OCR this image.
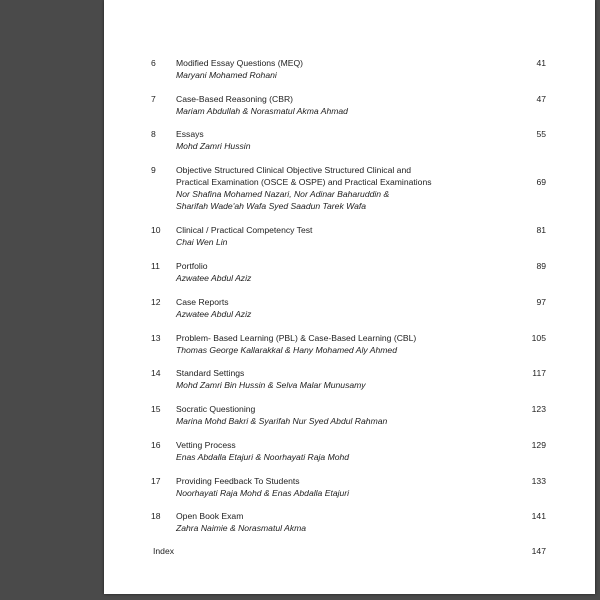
6 Modified Essay Questions (MEQ)
Maryani Mohamed Rohani
41
7 Case-Based Reasoning (CBR)
Mariam Abdullah & Norasmatul Akma Ahmad
47
8 Essays
Mohd Zamri Hussin
55
9 Objective Structured Clinical Objective Structured Clinical and
Practical Examination (OSCE & OSPE) and Practical Examinations
Nor Shafina Mohamed Nazari, Nor Adinar Baharuddin &
Sharifah Wade'ah Wafa Syed Saadun Tarek Wafa
69
10 Clinical / Practical Competency Test
Chai Wen Lin
81
11 Portfolio
Azwatee Abdul Aziz
89
12 Case Reports
Azwatee Abdul Aziz
97
13 Problem- Based Learning (PBL) & Case-Based Learning (CBL)
Thomas George Kallarakkal & Hany Mohamed Aly Ahmed
105
14 Standard Settings
Mohd Zamri Bin Hussin & Selva Malar Munusamy
117
15 Socratic Questioning
Marina Mohd Bakri & Syarifah Nur Syed Abdul Rahman
123
16 Vetting Process
Enas Abdalla Etajuri & Noorhayati Raja Mohd
129
17 Providing Feedback To Students
Noorhayati Raja Mohd & Enas Abdalla Etajuri
133
18 Open Book Exam
Zahra Naimie & Norasmatul Akma
141
Index	147
